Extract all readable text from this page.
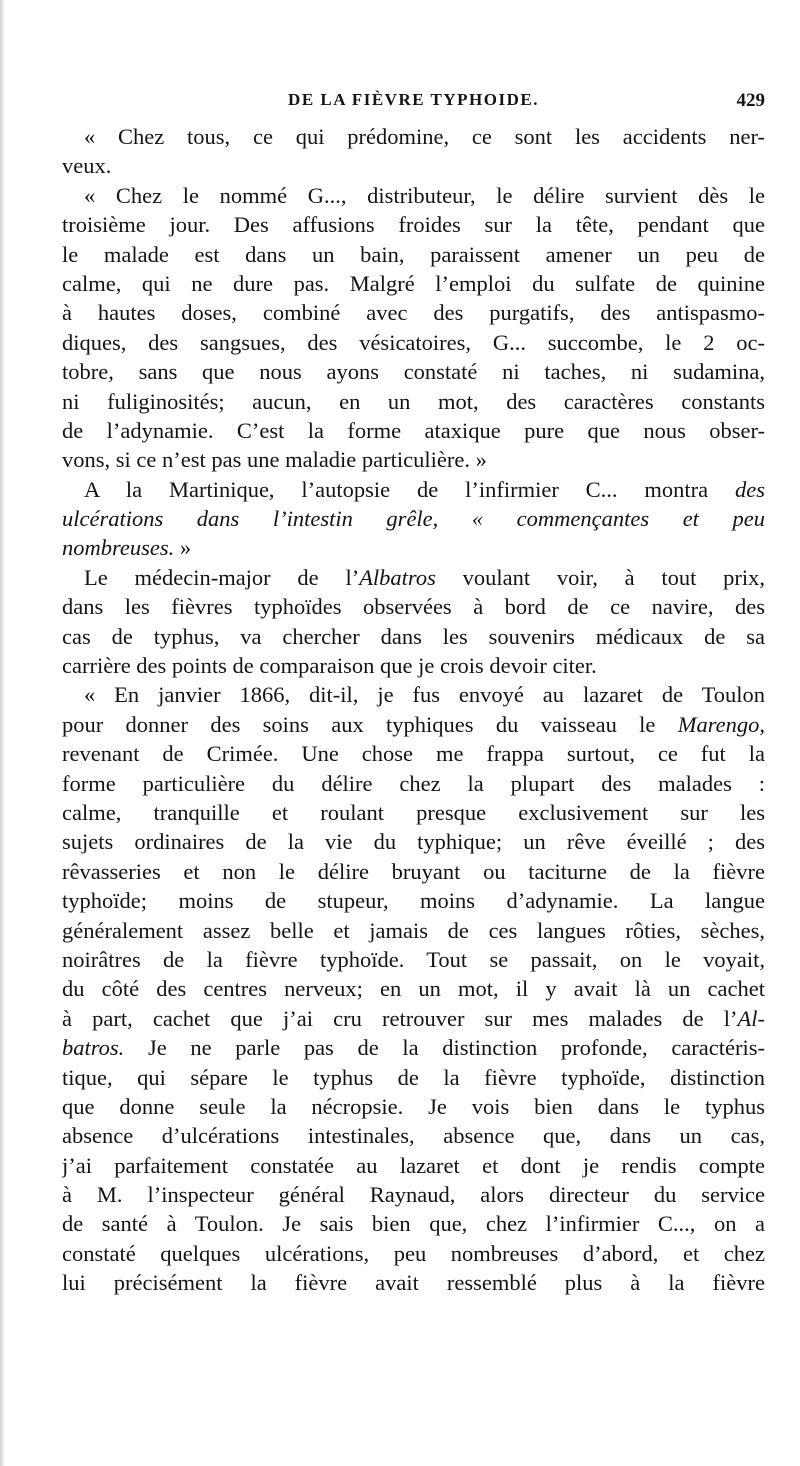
DE LA FIÈVRE TYPHOIDE.	429
« Chez tous, ce qui prédomine, ce sont les accidents ner-
veux.
« Chez le nommé G..., distributeur, le délire survient dès le
troisième jour. Des affusions froides sur la tête, pendant que
le malade est dans un bain, paraissent amener un peu de
calme, qui ne dure pas. Malgré l’emploi du sulfate de quinine
à hautes doses, combiné avec des purgatifs, des antispasmo-
diques, des sangsues, des vésicatoires, G... succombe, le 2 oc-
tobre, sans que nous ayons constaté ni taches, ni sudamina,
ni fuliginosités; aucun, en un mot, des caractères constants
de l’adynamie. C’est la forme ataxique pure que nous obser-
vons, si ce n’est pas une maladie particulière. »
A la Martinique, l’autopsie de l’infirmier C... montra des
ulcérations dans l’intestin grêle, « commençantes et peu
nombreuses. »
Le médecin-major de l’Albatros voulant voir, à tout prix,
dans les fièvres typhoïdes observées à bord de ce navire, des
cas de typhus, va chercher dans les souvenirs médicaux de sa
carrière des points de comparaison que je crois devoir citer.
« En janvier 1866, dit-il, je fus envoyé au lazaret de Toulon
pour donner des soins aux typhiques du vaisseau le Marengo,
revenant de Crimée. Une chose me frappa surtout, ce fut la
forme particulière du délire chez la plupart des malades :
calme, tranquille et roulant presque exclusivement sur les
sujets ordinaires de la vie du typhique; un rêve éveillé ; des
rêvasseries et non le délire bruyant ou taciturne de la fièvre
typhoïde; moins de stupeur, moins d’adynamie. La langue
généralement assez belle et jamais de ces langues rôties, sèches,
noirâtres de la fièvre typhoïde. Tout se passait, on le voyait,
du côté des centres nerveux; en un mot, il y avait là un cachet
à part, cachet que j’ai cru retrouver sur mes malades de l’Al-
batros. Je ne parle pas de la distinction profonde, caractéris-
tique, qui sépare le typhus de la fièvre typhoïde, distinction
que donne seule la nécropsie. Je vois bien dans le typhus
absence d’ulcérations intestinales, absence que, dans un cas,
j’ai parfaitement constatée au lazaret et dont je rendis compte
à M. l’inspecteur général Raynaud, alors directeur du service
de santé à Toulon. Je sais bien que, chez l’infirmier C..., on a
constaté quelques ulcérations, peu nombreuses d’abord, et chez
lui précisément la fièvre avait ressemblé plus à la fièvre
